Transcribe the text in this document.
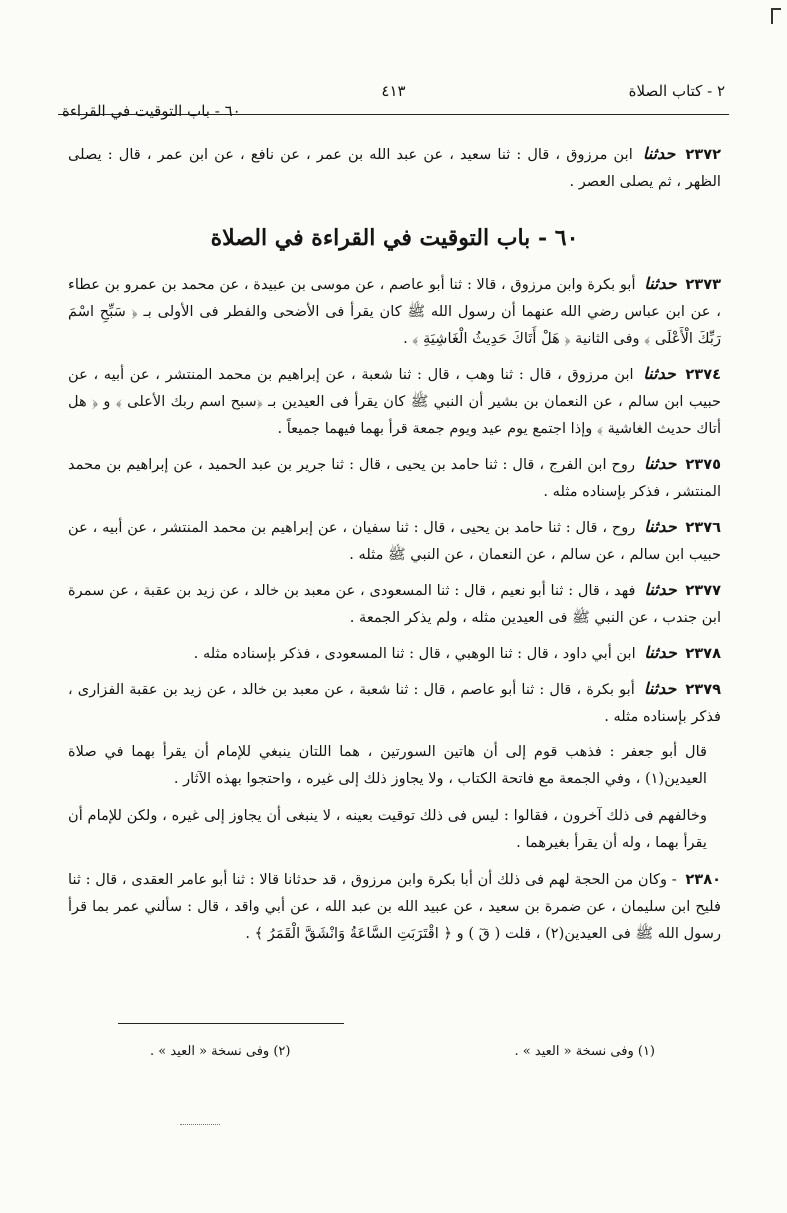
٢ - كتاب الصلاة
٤١٣
٦٠ - باب التوقيت في القراءة

٢٣٧٢ حدثنا ابن مرزوق ، قال : ثنا سعيد ، عن عبد الله بن عمر ، عن نافع ، عن ابن عمر ، قال : يصلى الظهر ، ثم يصلى العصر .

٦٠ - باب التوقيت في القراءة في الصلاة

٢٣٧٣ حدثنا أبو بكرة وابن مرزوق ، قالا : ثنا أبو عاصم ، عن موسى بن عبيدة ، عن محمد بن عمرو بن عطاء ، عن ابن عباس رضي الله عنهما أن رسول الله ﷺ كان يقرأ فى الأضحى والفطر فى الأولى بـ ﴿ سَبِّحِ اسْمَ رَبِّكَ الْأَعْلَى ﴾ وفى الثانية ﴿ هَلْ أَتَاكَ حَدِيثُ الْغَاشِيَةِ ﴾ .

٢٣٧٤ حدثنا ابن مرزوق ، قال : ثنا وهب ، قال : ثنا شعبة ، عن إبراهيم بن محمد المنتشر ، عن أبيه ، عن حبيب ابن سالم ، عن النعمان بن بشير أن النبي ﷺ كان يقرأ فى العيدين بـ ﴿سبح اسم ربك الأعلى ﴾ و ﴿ هل أتاك حديث الغاشية ﴾ وإذا اجتمع يوم عيد ويوم جمعة قرأ بهما فيهما جميعاً .

٢٣٧٥ حدثنا روح ابن الفرج ، قال : ثنا حامد بن يحيى ، قال : ثنا جرير بن عبد الحميد ، عن إبراهيم بن محمد المنتشر ، فذكر بإسناده مثله .

٢٣٧٦ حدثنا روح ، قال : ثنا حامد بن يحيى ، قال : ثنا سفيان ، عن إبراهيم بن محمد المنتشر ، عن أبيه ، عن حبيب ابن سالم ، عن سالم ، عن النعمان ، عن النبي ﷺ مثله .

٢٣٧٧ حدثنا فهد ، قال : ثنا أبو نعيم ، قال : ثنا المسعودى ، عن معبد بن خالد ، عن زيد بن عقبة ، عن سمرة ابن جندب ، عن النبي ﷺ فى العيدين مثله ، ولم يذكر الجمعة .

٢٣٧٨ حدثنا ابن أبي داود ، قال : ثنا الوهبي ، قال : ثنا المسعودى ، فذكر بإسناده مثله .

٢٣٧٩ حدثنا أبو بكرة ، قال : ثنا أبو عاصم ، قال : ثنا شعبة ، عن معبد بن خالد ، عن زيد بن عقبة الفزارى ، فذكر بإسناده مثله .

قال أبو جعفر : فذهب قوم إلى أن هاتين السورتين ، هما اللتان ينبغي للإمام أن يقرأ بهما في صلاة العيدين(١) ، وفي الجمعة مع فاتحة الكتاب ، ولا يجاوز ذلك إلى غيره ، واحتجوا بهذه الآثار .

وخالفهم فى ذلك آخرون ، فقالوا : ليس فى ذلك توقيت بعينه ، لا ينبغى أن يجاوز إلى غيره ، ولكن للإمام أن يقرأ بهما ، وله أن يقرأ بغيرهما .

٢٣٨٠ - وكان من الحجة لهم فى ذلك أن أبا بكرة وابن مرزوق ، قد حدثانا قالا : ثنا أبو عامر العقدى ، قال : ثنا فليح ابن سليمان ، عن ضمرة بن سعيد ، عن عبيد الله بن عبد الله ، عن أبي واقد ، قال : سألني عمر بما قرأ رسول الله ﷺ فى العيدين(٢) ، قلت ( قٓ ) و ﴿ اقْتَرَبَتِ السَّاعَةُ وَانْشَقَّ الْقَمَرُ ﴾ .

(١) وفى نسخة « العيد » .
(٢) وفى نسخة « العيد » .
